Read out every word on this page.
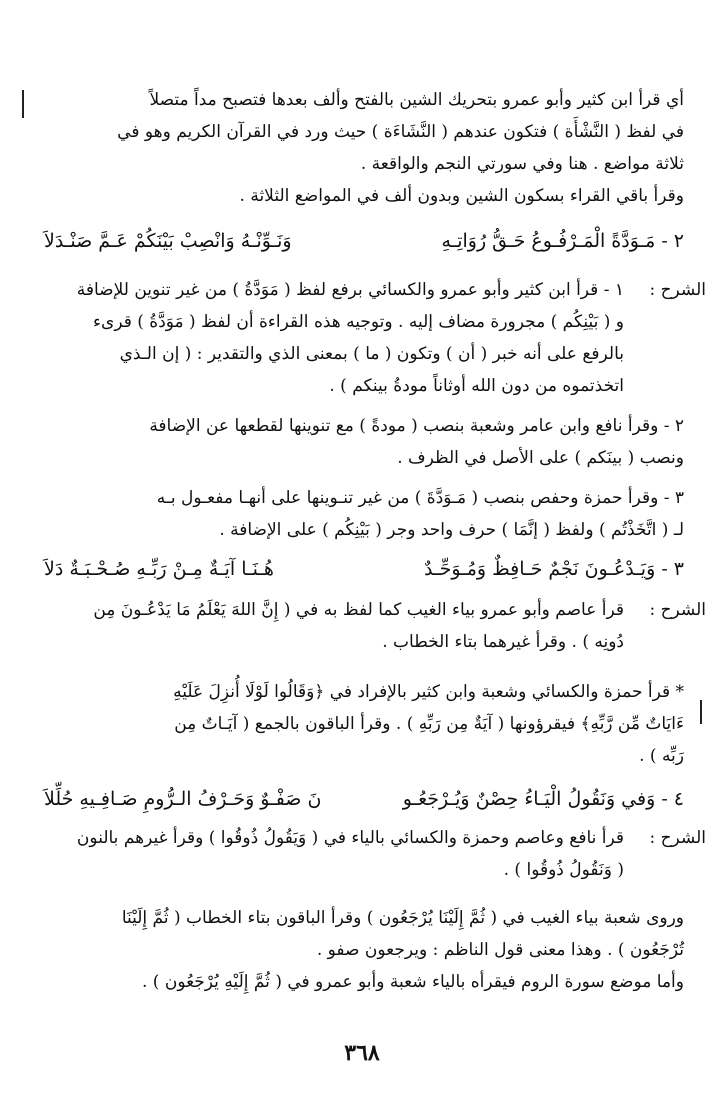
أي قرأ ابن كثير وأبو عمرو بتحريك الشين بالفتح وألف بعدها فتصبح مداً متصلاً

في لفظ ( النَّشْأَة ) فتكون عندهم ( النَّشَاءَة ) حيث ورد في القرآن الكريم وهو في

ثلاثة مواضع . هنا وفي سورتي النجم والواقعة .

وقرأ باقي القراء بسكون الشين وبدون ألف في المواضع الثلاثة .

٢ - مَـوَدَّةً الْمَـرْفُـوعُ حَـقُّ رُوَاتِـهِ
وَنَـوِّنْـهُ وَانْصِبْ بَيْنَكُمْ عَـمَّ صَنْـدَلاَ
الشرح :

١ - قرأ ابن كثير وأبو عمرو والكسائي برفع لفظ ( مَوَدَّةُ ) من غير تنوين للإضافة

و ( بَيْنِكُم ) مجرورة مضاف إليه . وتوجيه هذه القراءة أن لفظ ( مَوَدَّةُ ) قرىء

بالرفع على أنه خبر ( أن ) وتكون ( ما ) بمعنى الذي والتقدير : ( إن الـذي

اتخذتموه من دون الله أوثاناً مودةُ بينكم ) .

٢ - وقرأ نافع وابن عامر وشعبة بنصب ( مودةً ) مع تنوينها لقطعها عن الإضافة

ونصب ( بينَكم ) على الأصل في الظرف .

٣ - وقرأ حمزة وحفص بنصب ( مَـوَدَّةَ ) من غير تنـوينها على أنهـا مفعـول بـه

لـ ( اتَّخَذْتُم ) ولفظ ( إنَّمَا ) حرف واحد وجر ( بَيْنِكُم ) على الإضافة .

٣ - وَيَـدْعُـونَ نَجْمٌ حَـافِظٌ وَمُـوَحِّـدٌ
هُـنَـا آيَـةٌ مِـنْ رَبِّـهِ صُـحْـبَـةٌ دَلاَ
الشرح :

قرأ عاصم وأبو عمرو بياء الغيب كما لفظ به في ( إِنَّ اللهَ يَعْلَمُ مَا يَدْعُـونَ مِن

دُونِه ) . وقرأ غيرهما بتاء الخطاب .

* قرأ حمزة والكسائي وشعبة وابن كثير بالإفراد في ﴿وَقَالُوا لَوْلَا أُنزِلَ عَلَيْهِ

ءَايَاتٌ مِّن رَّبِّهِ﴾ فيقرؤونها ( آيَةٌ مِن رَبِّهِ ) . وقرأ الباقون بالجمع ( آيَـاتٌ مِن

رَبِّه ) .

٤ - وَفي وَنَقُولُ الْيَـاءُ حِصْنٌ وَيُـرْجَعُـو
نَ صَفْـوٌ وَحَـرْفُ الـرُّومِ صَـافِـيهِ حُلِّلاَ
الشرح :

قرأ نافع وعاصم وحمزة والكسائي بالياء في ( وَيَقُولُ ذُوقُوا ) وقرأ غيرهم بالنون

( وَنَقُولُ ذُوقُوا ) .

وروى شعبة بياء الغيب في ( ثُمَّ إِلَيْنَا يُرْجَعُون ) وقرأ الباقون بتاء الخطاب ( ثُمَّ إِلَيْنَا

تُرْجَعُون ) . وهذا معنى قول الناظم : ويرجعون صفو .

وأما موضع سورة الروم فيقرأه بالياء شعبة وأبو عمرو في ( ثُمَّ إِلَيْهِ يُرْجَعُون ) .

٣٦٨
